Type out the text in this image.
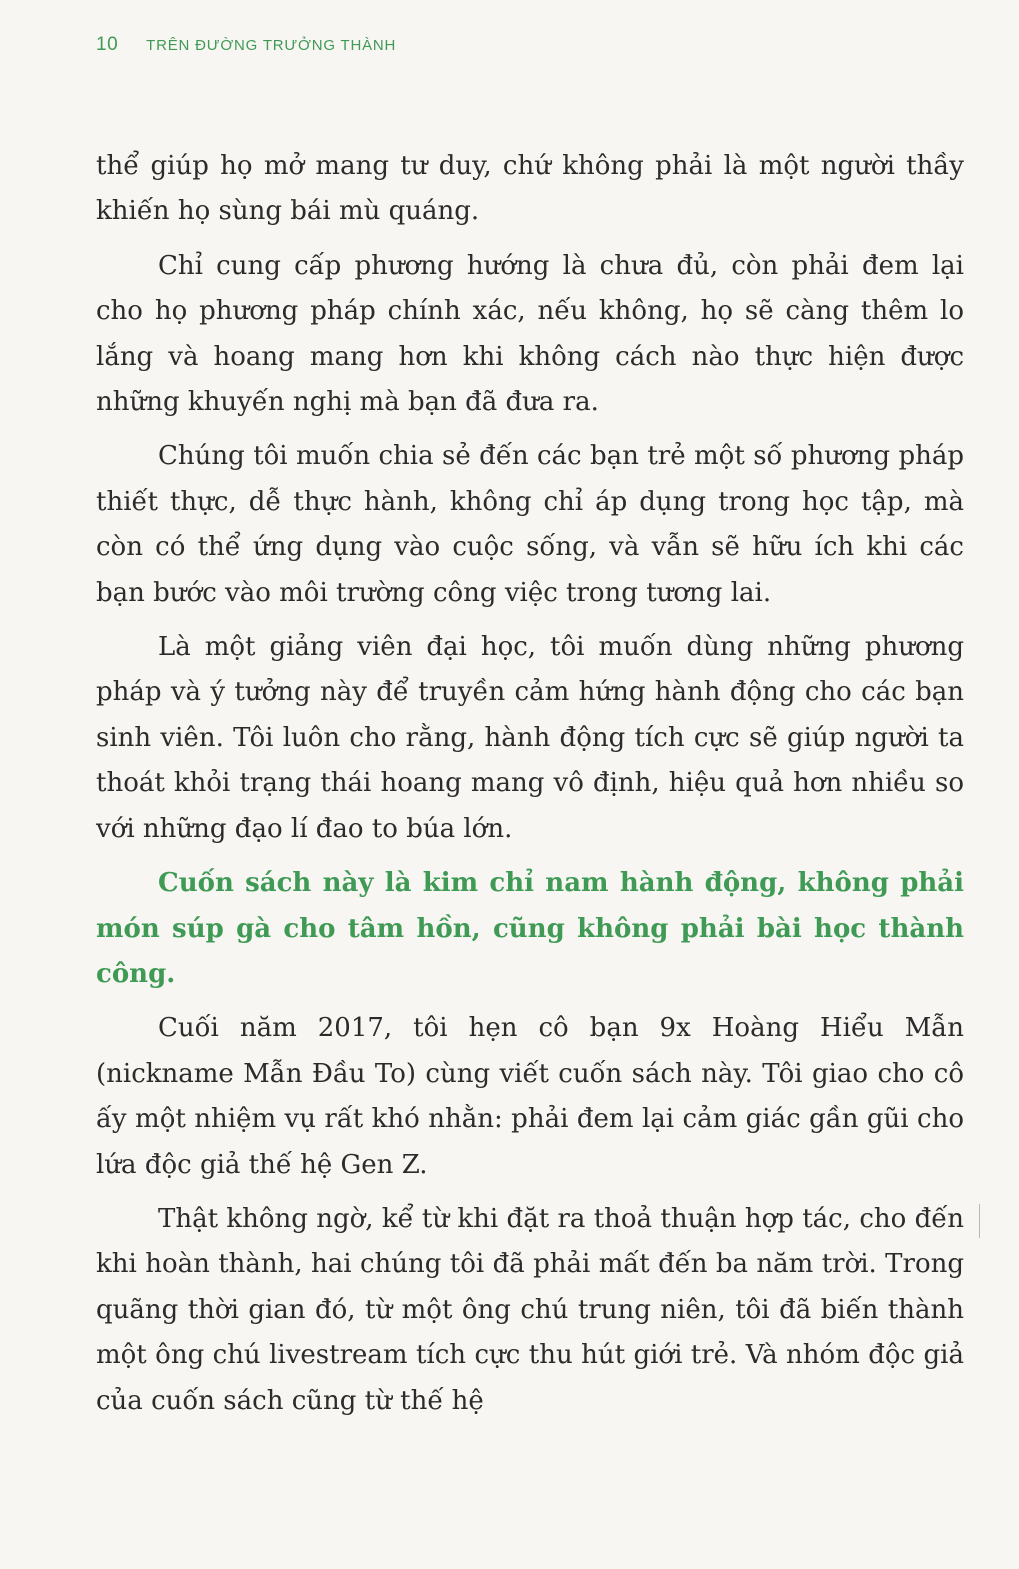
10 TRÊN ĐƯỜNG TRƯỞNG THÀNH

thể giúp họ mở mang tư duy, chứ không phải là một người thầy khiến họ sùng bái mù quáng.

Chỉ cung cấp phương hướng là chưa đủ, còn phải đem lại cho họ phương pháp chính xác, nếu không, họ sẽ càng thêm lo lắng và hoang mang hơn khi không cách nào thực hiện được những khuyến nghị mà bạn đã đưa ra.

Chúng tôi muốn chia sẻ đến các bạn trẻ một số phương pháp thiết thực, dễ thực hành, không chỉ áp dụng trong học tập, mà còn có thể ứng dụng vào cuộc sống, và vẫn sẽ hữu ích khi các bạn bước vào môi trường công việc trong tương lai.

Là một giảng viên đại học, tôi muốn dùng những phương pháp và ý tưởng này để truyền cảm hứng hành động cho các bạn sinh viên. Tôi luôn cho rằng, hành động tích cực sẽ giúp người ta thoát khỏi trạng thái hoang mang vô định, hiệu quả hơn nhiều so với những đạo lí đao to búa lớn.

Cuốn sách này là kim chỉ nam hành động, không phải món súp gà cho tâm hồn, cũng không phải bài học thành công.

Cuối năm 2017, tôi hẹn cô bạn 9x Hoàng Hiểu Mẫn (nickname Mẫn Đầu To) cùng viết cuốn sách này. Tôi giao cho cô ấy một nhiệm vụ rất khó nhằn: phải đem lại cảm giác gần gũi cho lứa độc giả thế hệ Gen Z.

Thật không ngờ, kể từ khi đặt ra thoả thuận hợp tác, cho đến khi hoàn thành, hai chúng tôi đã phải mất đến ba năm trời. Trong quãng thời gian đó, từ một ông chú trung niên, tôi đã biến thành một ông chú livestream tích cực thu hút giới trẻ. Và nhóm độc giả của cuốn sách cũng từ thế hệ
